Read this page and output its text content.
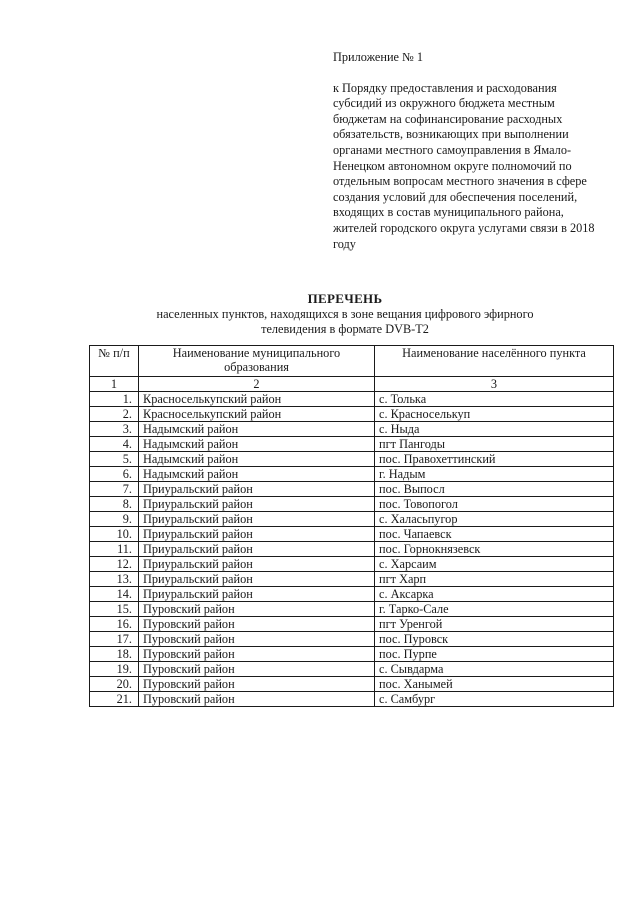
Приложение № 1

к Порядку предоставления и расходования субсидий из окружного бюджета местным бюджетам на софинансирование расходных обязательств, возникающих при выполнении органами местного самоуправления в Ямало-Ненецком автономном округе полномочий по отдельным вопросам местного значения в сфере создания условий для обеспечения поселений, входящих в состав муниципального района, жителей городского округа услугами связи в 2018 году

ПЕРЕЧЕНЬ
населенных пунктов, находящихся в зоне вещания цифрового эфирного телевидения в формате DVB-T2
№ п/п	Наименование муниципального образования	Наименование населённого пункта
1	2	3
1.	Красноселькупский район	с. Толька
2.	Красноселькупский район	с. Красноселькуп
3.	Надымский район	с. Ныда
4.	Надымский район	пгт Пангоды
5.	Надымский район	пос. Правохеттинский
6.	Надымский район	г. Надым
7.	Приуральский район	пос. Выпосл
8.	Приуральский район	пос. Товопогол
9.	Приуральский район	с. Халасьпугор
10.	Приуральский район	пос. Чапаевск
11.	Приуральский район	пос. Горнокнязевск
12.	Приуральский район	с. Харсаим
13.	Приуральский район	пгт Харп
14.	Приуральский район	с. Аксарка
15.	Пуровский район	г. Тарко-Сале
16.	Пуровский район	пгт Уренгой
17.	Пуровский район	пос. Пуровск
18.	Пуровский район	пос. Пурпе
19.	Пуровский район	с. Сывдарма
20.	Пуровский район	пос. Ханымей
21.	Пуровский район	с. Самбург
